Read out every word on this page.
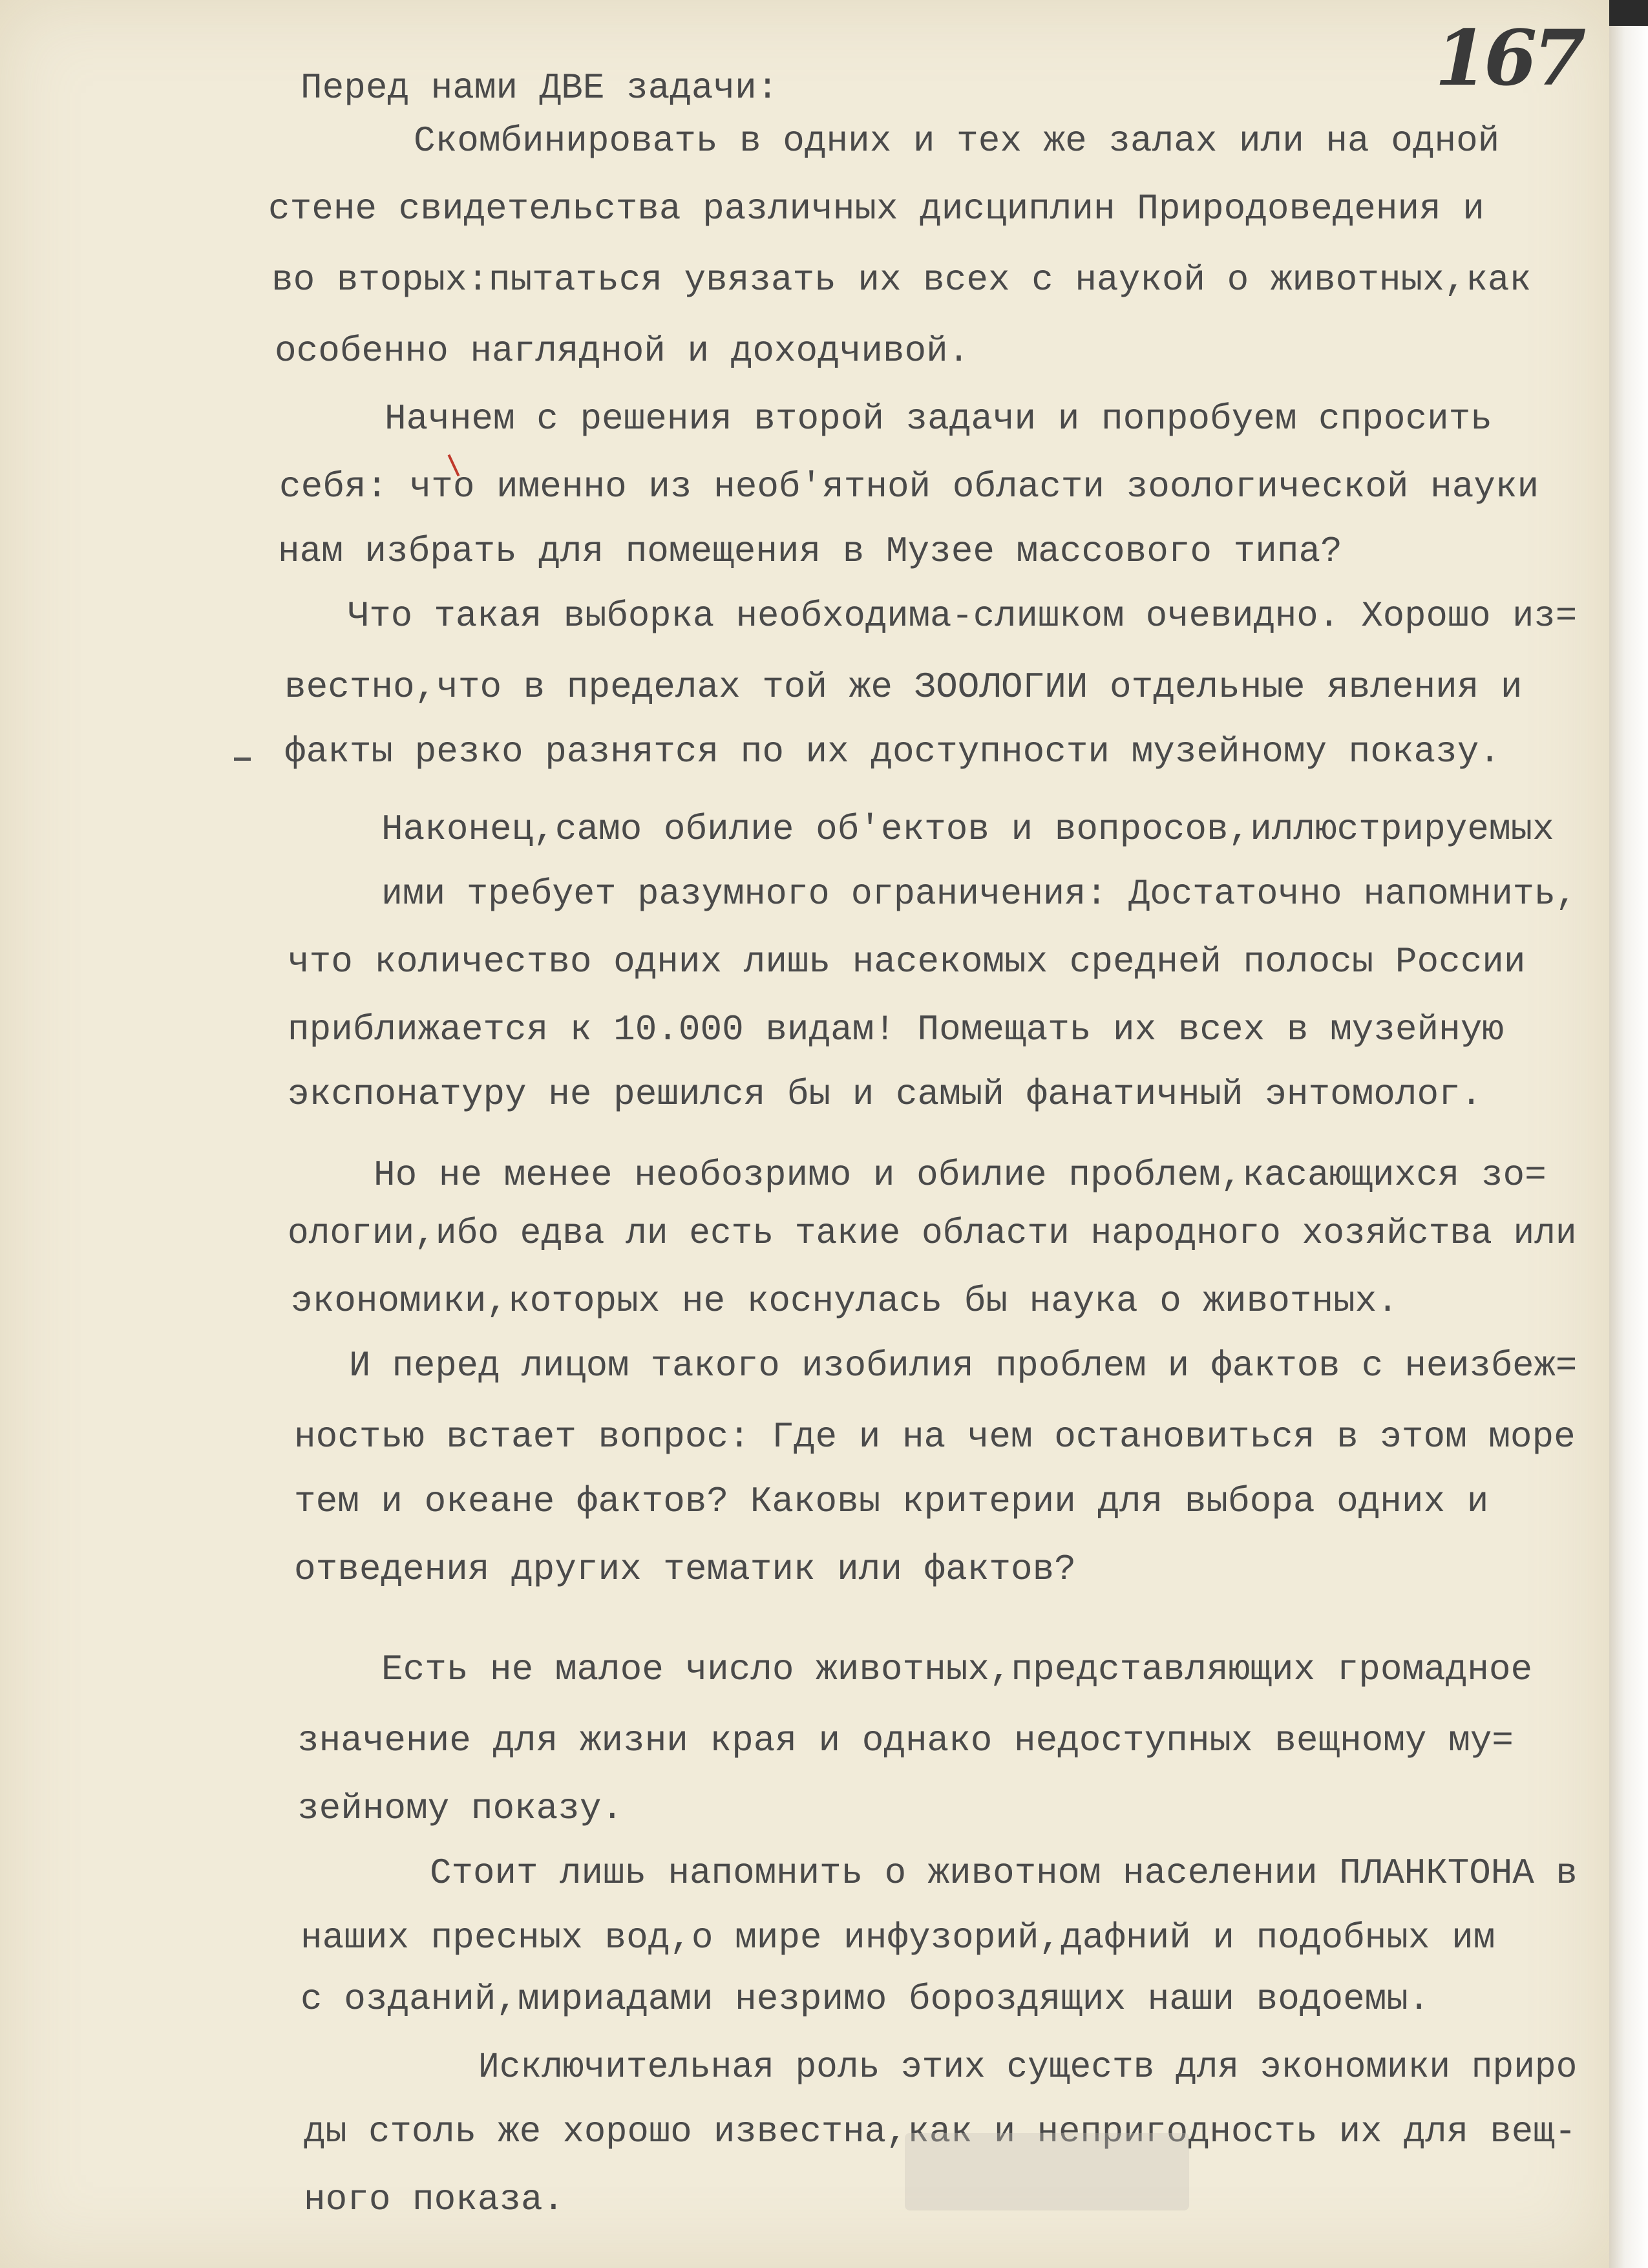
167
Перед нами ДВЕ задачи:
Скомбинировать в одних и тех же залах или на одной
стене свидетельства различных дисциплин Природоведения и
во вторых:пытаться увязать их всех с наукой о животных,как
особенно наглядной и доходчивой.
Начнем с решения второй задачи и попробуем спросить
себя: что именно из необ'ятной области зоологической науки
нам избрать для помещения в Музее массового типа?
Что такая выборка необходима-слишком очевидно. Хорошо из=
вестно,что в пределах той же ЗООЛОГИИ отдельные явления и
факты резко разнятся по их доступности музейному показу.
Наконец,само обилие об'ектов и вопросов,иллюстрируемых
ими требует разумного ограничения: Достаточно напомнить,
что количество одних лишь насекомых средней полосы России
приближается к 10.000 видам! Помещать их всех в музейную
экспонатуру не решился бы и самый фанатичный энтомолог.
Но не менее необозримо и обилие проблем,касающихся зо=
ологии,ибо едва ли есть такие области народного хозяйства или
экономики,которых не коснулась бы наука о животных.
И перед лицом такого изобилия проблем и фактов с неизбеж=
ностью встает вопрос: Где и на чем остановиться в этом море
тем и океане фактов? Каковы критерии для выбора одних и
отведения других тематик или фактов?
Есть не малое число животных,представляющих громадное
значение для жизни края и однако недоступных вещному му=
зейному показу.
Стоит лишь напомнить о животном населении ПЛАНКТОНА в
наших пресных вод,о мире инфузорий,дафний и подобных им
с озданий,мириадами незримо бороздящих наши водоемы.
Исключительная роль этих существ для экономики приро
ды столь же хорошо известна,как и непригодность их для вещ-
ного показа.
